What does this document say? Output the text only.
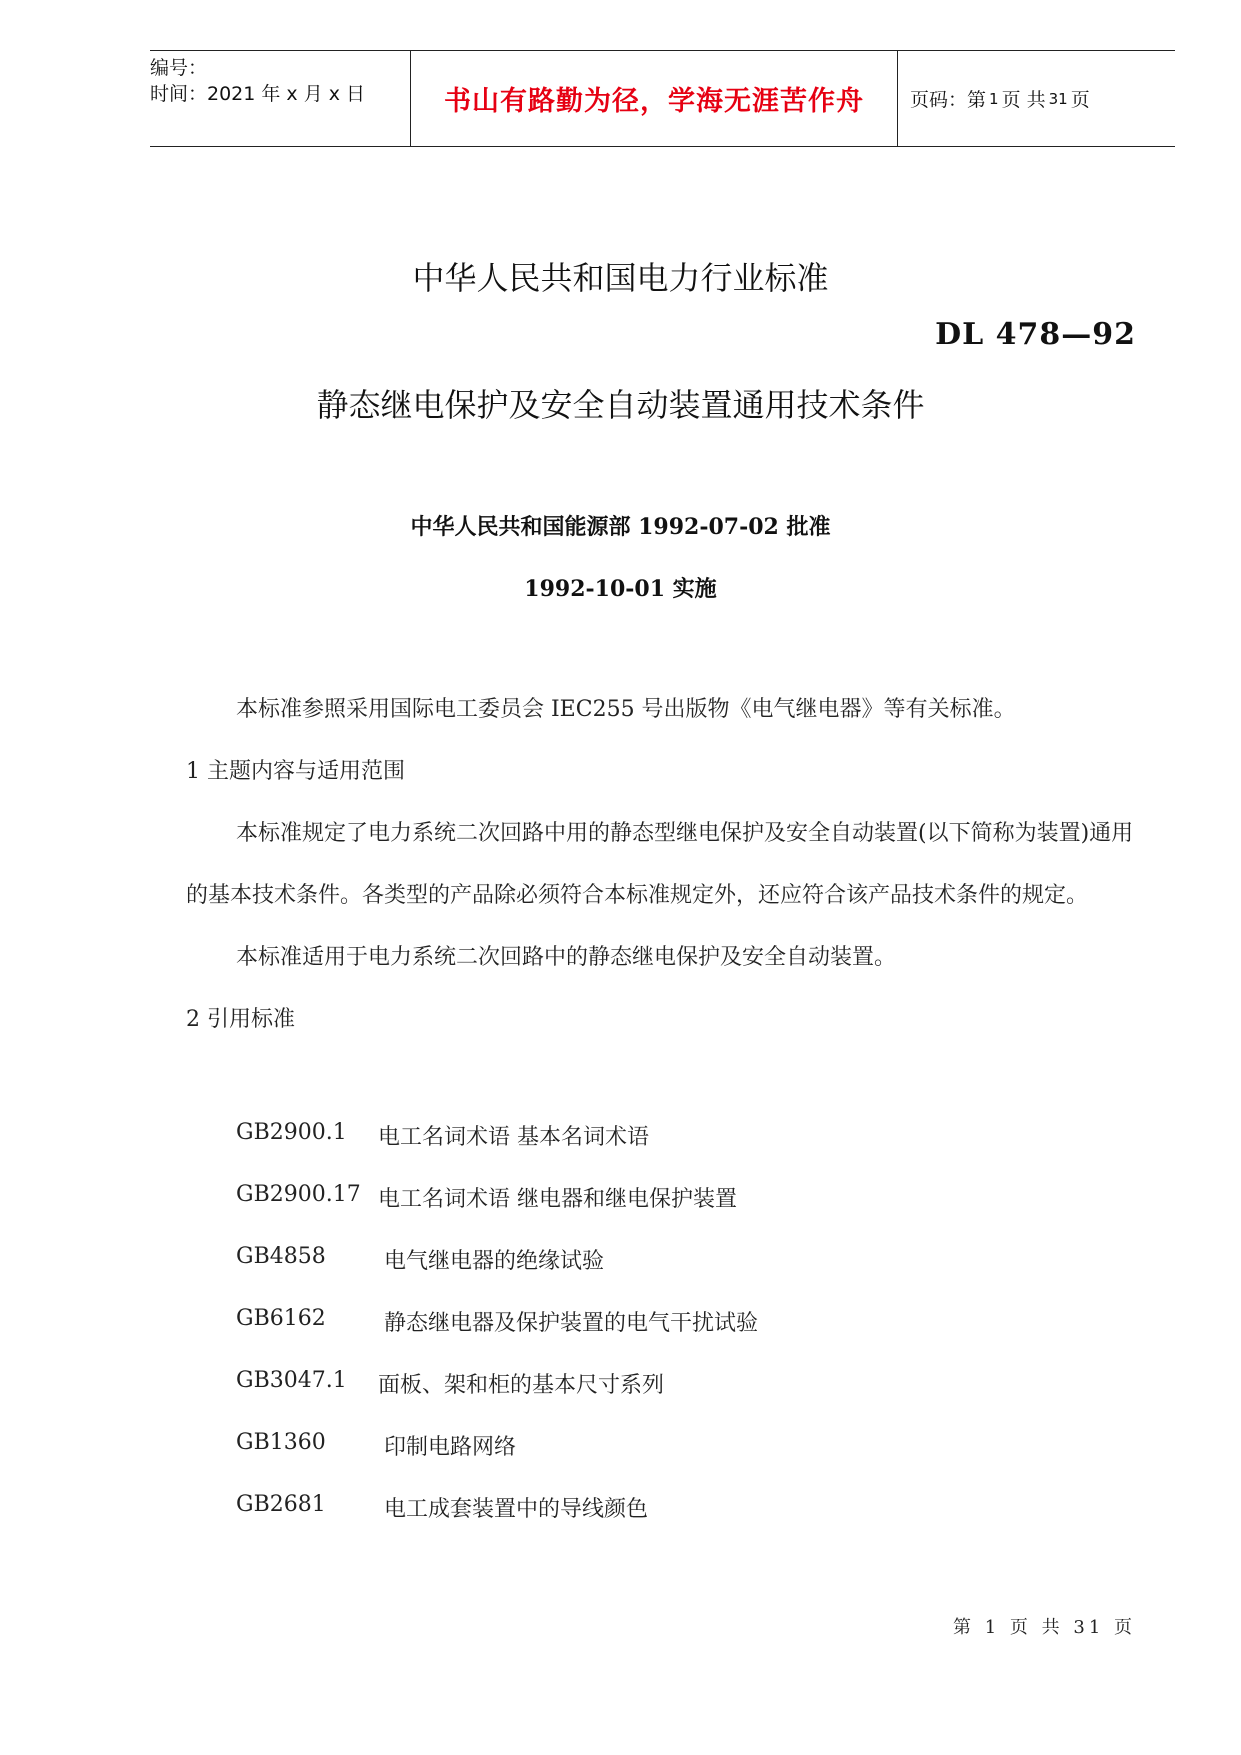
编号：
时间：2021 年 x 月 x 日	书山有路勤为径，学海无涯苦作舟	页码：第 1 页 共 31 页
中华人民共和国电力行业标准
DL 478—92
静态继电保护及安全自动装置通用技术条件
中华人民共和国能源部 1992-07-02 批准
1992-10-01 实施

本标准参照采用国际电工委员会 IEC255 号出版物《电气继电器》等有关标准。

1 主题内容与适用范围

本标准规定了电力系统二次回路中用的静态型继电保护及安全自动装置(以下简称为装置)通用的基本技术条件。各类型的产品除必须符合本标准规定外，还应符合该产品技术条件的规定。

本标准适用于电力系统二次回路中的静态继电保护及安全自动装置。

2 引用标准

GB2900.1 电工名词术语 基本名词术语
GB2900.17 电工名词术语 继电器和继电保护装置
GB4858	电气继电器的绝缘试验
GB6162	静态继电器及保护装置的电气干扰试验
GB3047.1 面板、架和柜的基本尺寸系列
GB1360	印制电路网络
GB2681	电工成套装置中的导线颜色
第 1 页 共 31 页
